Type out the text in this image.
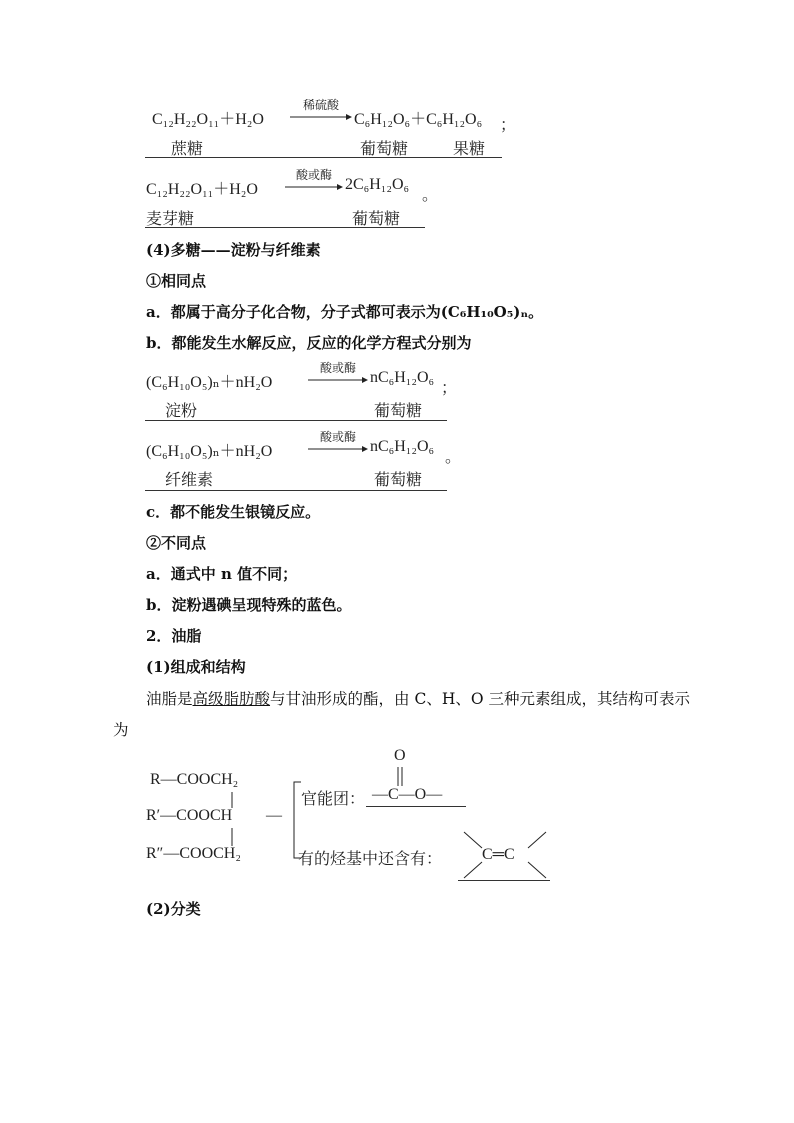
C₁₂H₂₂O₁₁＋H₂O
稀硫酸
C₆H₁₂O₆＋C₆H₁₂O₆ ；
蔗糖	葡萄糖	果糖
C₁₂H₂₂O₁₁＋H₂O
酸或酶
2C₆H₁₂O₆
。
麦芽糖	葡萄糖
(4)多糖——淀粉与纤维素
①相同点
a．都属于高分子化合物，分子式都可表示为(C₆H₁₀O₅)ₙ。
b．都能发生水解反应，反应的化学方程式分别为
(C₆H₁₀O₅)ₙ＋nH₂O
酸或酶
nC₆H₁₂O₆
；
淀粉	葡萄糖
(C₆H₁₀O₅)ₙ＋nH₂O
酸或酶
nC₆H₁₂O₆
。
纤维素	葡萄糖
c．都不能发生银镜反应。
②不同点
a．通式中 n 值不同；
b．淀粉遇碘呈现特殊的蓝色。
2．油脂
(1)组成和结构
油脂是高级脂肪酸与甘油形成的酯，由 C、H、O 三种元素组成，其结构可表示
为
R—COOCH₂
R′—COOCH
R″—COOCH₂
—
官能团：
O
—C—O—
有的烃基中还含有： C═C
(2)分类
